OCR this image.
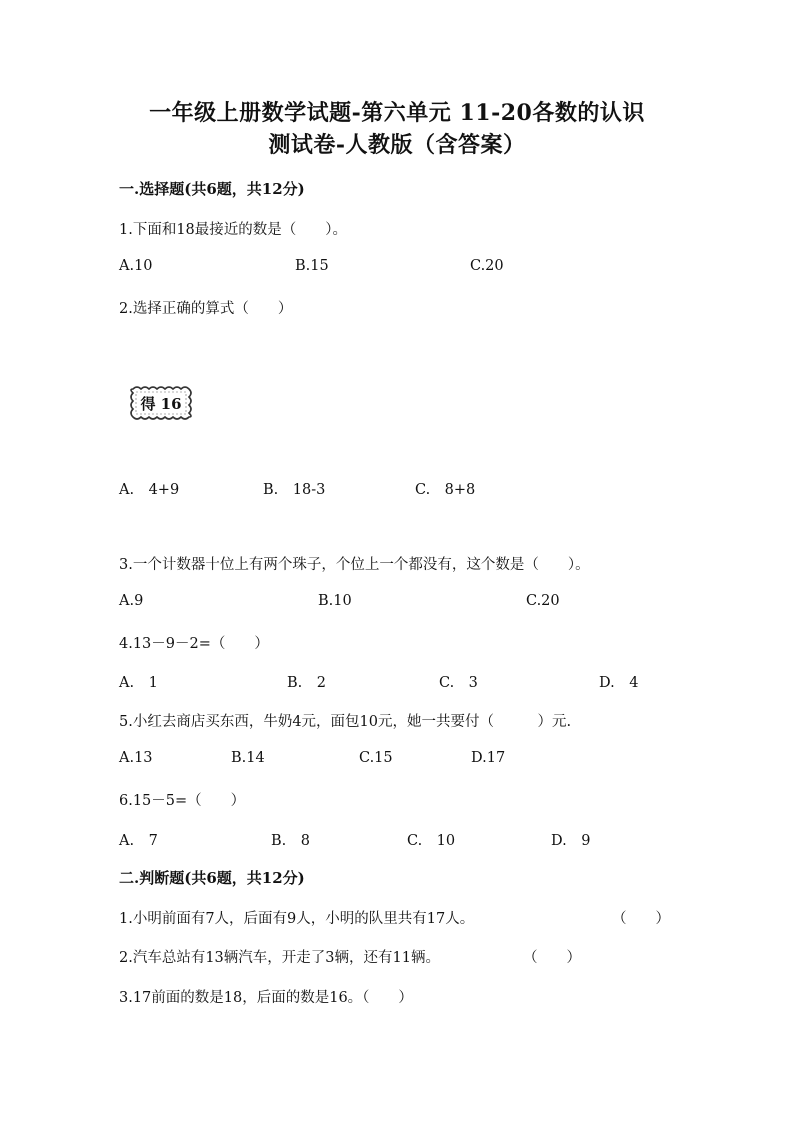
一年级上册数学试题-第六单元 11-20各数的认识
测试卷-人教版（含答案）
一.选择题(共6题，共12分)
1.下面和18最接近的数是（　　）。
A.10	B.15	C.20
2.选择正确的算式（　　）
得 16
A.　4+9	B.　18-3	C.　8+8
3.一个计数器十位上有两个珠子，个位上一个都没有，这个数是（　　）。
A.9	B.10	C.20
4.13－9－2=（　　）
A.　1	B.　2	C.　3	D.　4
5.小红去商店买东西，牛奶4元，面包10元，她一共要付（　　　）元.
A.13	B.14	C.15	D.17
6.15－5=（　　）
A.　7	B.　8	C.　10	D.　9
二.判断题(共6题，共12分)
1.小明前面有7人，后面有9人，小明的队里共有17人。	（　　）
2.汽车总站有13辆汽车，开走了3辆，还有11辆。	（　　）
3.17前面的数是18，后面的数是16。（　　）
